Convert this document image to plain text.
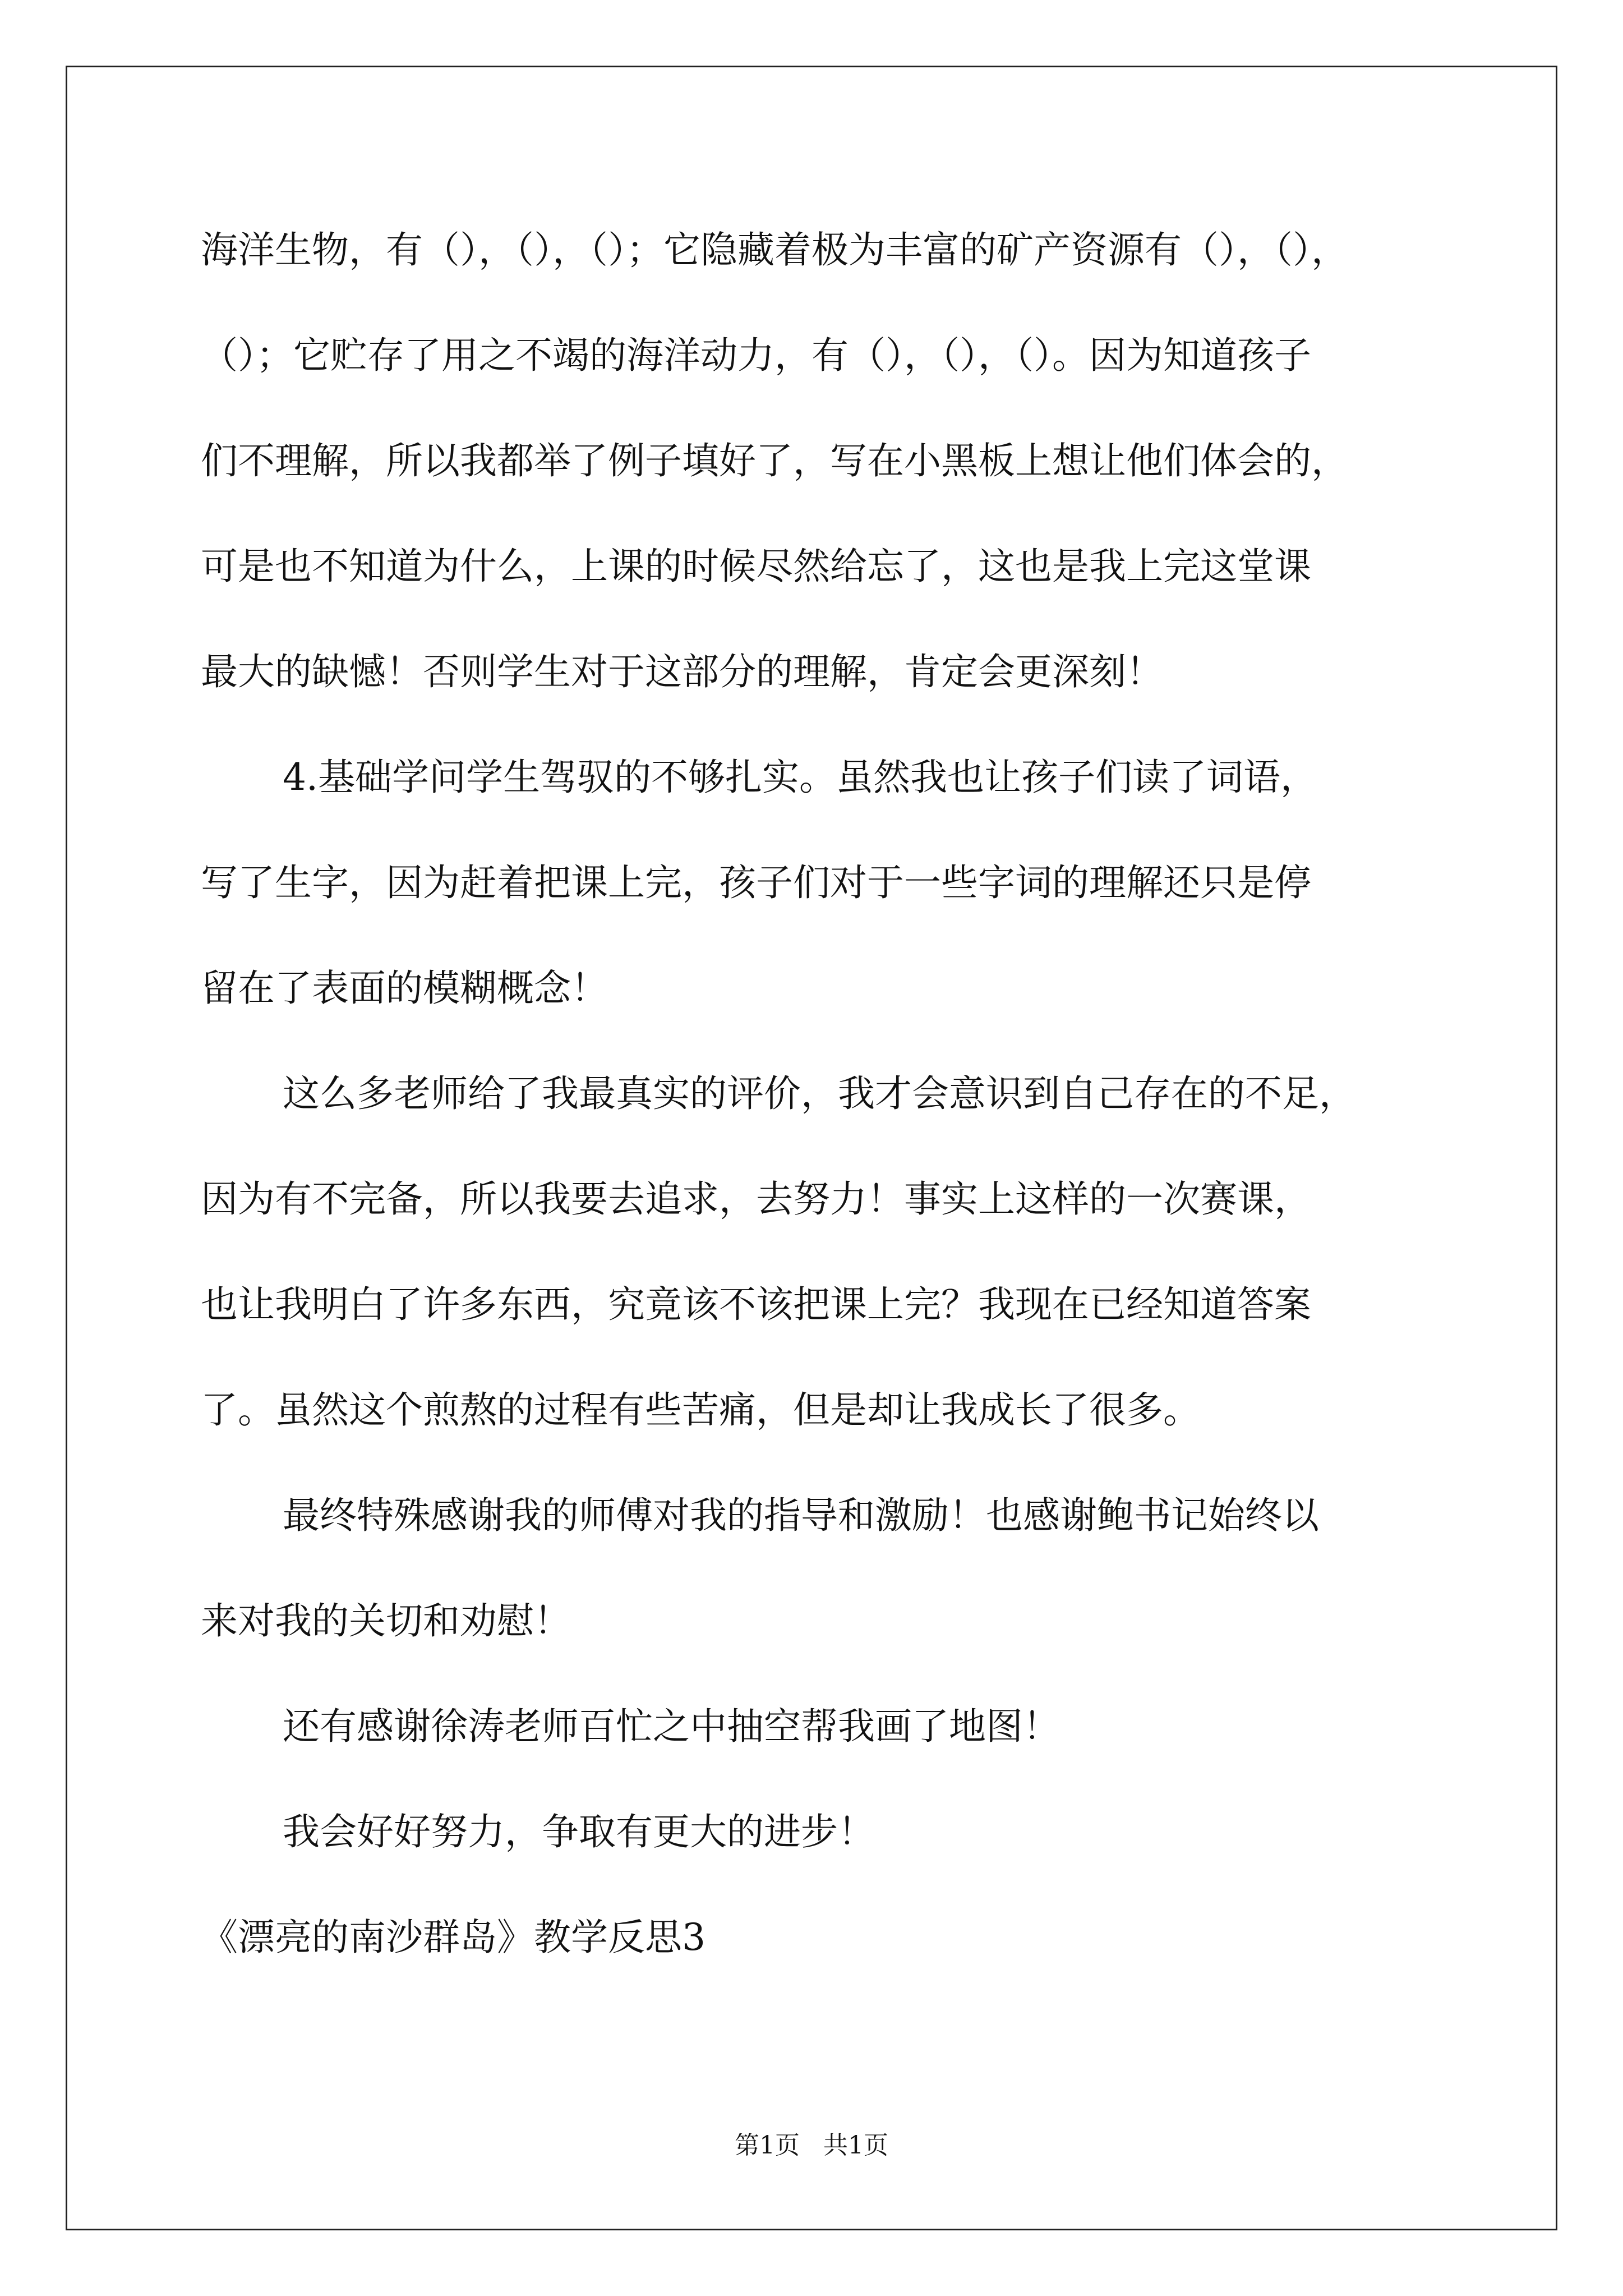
海洋生物，有（），（），（）；它隐藏着极为丰富的矿产资源有（），（），
（）；它贮存了用之不竭的海洋动力，有（），（），（）。因为知道孩子
们不理解，所以我都举了例子填好了，写在小黑板上想让他们体会的，
可是也不知道为什么，上课的时候尽然给忘了，这也是我上完这堂课
最大的缺憾！否则学生对于这部分的理解，肯定会更深刻！
4.基础学问学生驾驭的不够扎实。虽然我也让孩子们读了词语，
写了生字，因为赶着把课上完，孩子们对于一些字词的理解还只是停
留在了表面的模糊概念！
这么多老师给了我最真实的评价，我才会意识到自己存在的不足，
因为有不完备，所以我要去追求，去努力！事实上这样的一次赛课，
也让我明白了许多东西，究竟该不该把课上完？我现在已经知道答案
了。虽然这个煎熬的过程有些苦痛，但是却让我成长了很多。
最终特殊感谢我的师傅对我的指导和激励！也感谢鲍书记始终以
来对我的关切和劝慰！
还有感谢徐涛老师百忙之中抽空帮我画了地图！
我会好好努力，争取有更大的进步！
《漂亮的南沙群岛》教学反思3
第1页   共1页
